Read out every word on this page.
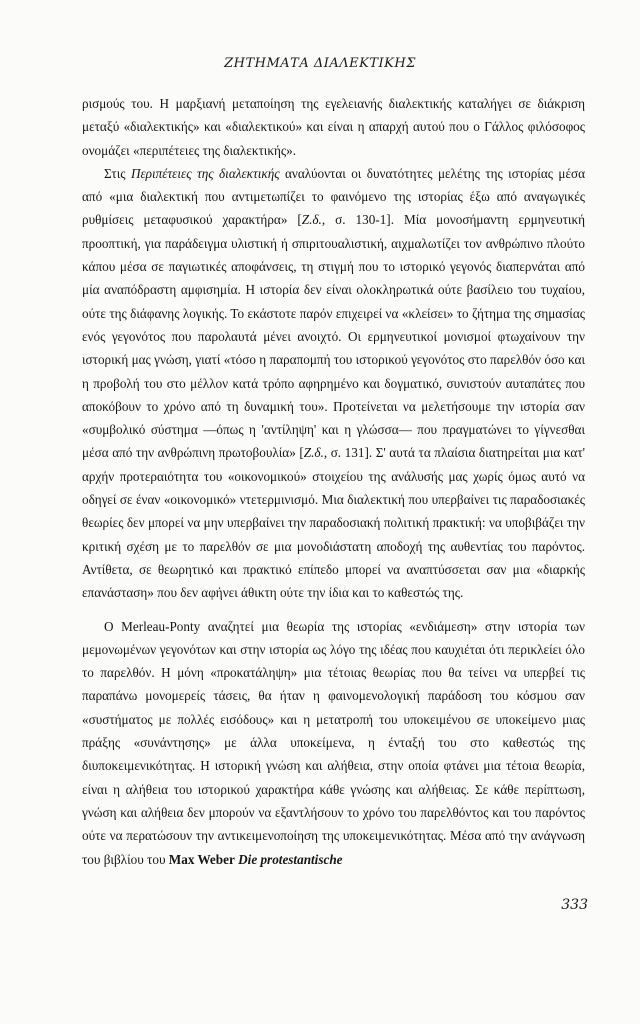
ΖΗΤΗΜΑΤΑ ΔΙΑΛΕΚΤΙΚΗΣ

ρισμούς του. Η μαρξιανή μεταποίηση της εγελειανής διαλεκτικής καταλήγει σε διάκριση μεταξύ «διαλεκτικής» και «διαλεκτικού» και είναι η απαρχή αυτού που ο Γάλλος φιλόσοφος ονομάζει «περιπέτειες της διαλεκτικής».

Στις Περιπέτειες της διαλεκτικής αναλύονται οι δυνατότητες μελέτης της ιστορίας μέσα από «μια διαλεκτική που αντιμετωπίζει το φαινόμενο της ιστορίας έξω από αναγωγικές ρυθμίσεις μεταφυσικού χαρακτήρα» [Ζ.δ., σ. 130-1]. Μία μονοσήμαντη ερμηνευτική προοπτική, για παράδειγμα υλιστική ή σπιριτουαλιστική, αιχμαλωτίζει τον ανθρώπινο πλούτο κάπου μέσα σε παγιωτικές αποφάνσεις, τη στιγμή που το ιστορικό γεγονός διαπερνάται από μία αναπόδραστη αμφισημία. Η ιστορία δεν είναι ολοκληρωτικά ούτε βασίλειο του τυχαίου, ούτε της διάφανης λογικής. Το εκάστοτε παρόν επιχειρεί να «κλείσει» το ζήτημα της σημασίας ενός γεγονότος που παρολαυτά μένει ανοιχτό. Οι ερμηνευτικοί μονισμοί φτωχαίνουν την ιστορική μας γνώση, γιατί «τόσο η παραπομπή του ιστορικού γεγονότος στο παρελθόν όσο και η προβολή του στο μέλλον κατά τρόπο αφηρημένο και δογματικό, συνιστούν αυταπάτες που αποκόβουν το χρόνο από τη δυναμική του». Προτείνεται να μελετήσουμε την ιστορία σαν «συμβολικό σύστημα —όπως η 'αντίληψη' και η γλώσσα— που πραγματώνει το γίγνεσθαι μέσα από την ανθρώπινη πρωτοβουλία» [Ζ.δ., σ. 131]. Σ' αυτά τα πλαίσια διατηρείται μια κατ' αρχήν προτεραιότητα του «οικονομικού» στοιχείου της ανάλυσής μας χωρίς όμως αυτό να οδηγεί σε έναν «οικονομικό» ντετερμινισμό. Μια διαλεκτική που υπερβαίνει τις παραδοσιακές θεωρίες δεν μπορεί να μην υπερβαίνει την παραδοσιακή πολιτική πρακτική: να υποβιβάζει την κριτική σχέση με το παρελθόν σε μια μονοδιάστατη αποδοχή της αυθεντίας του παρόντος. Αντίθετα, σε θεωρητικό και πρακτικό επίπεδο μπορεί να αναπτύσσεται σαν μια «διαρκής επανάσταση» που δεν αφήνει άθικτη ούτε την ίδια και το καθεστώς της.

Ο Merleau-Ponty αναζητεί μια θεωρία της ιστορίας «ενδιάμεση» στην ιστορία των μεμονωμένων γεγονότων και στην ιστορία ως λόγο της ιδέας που καυχιέται ότι περικλείει όλο το παρελθόν. Η μόνη «προκατάληψη» μια τέτοιας θεωρίας που θα τείνει να υπερβεί τις παραπάνω μονομερείς τάσεις, θα ήταν η φαινομενολογική παράδοση του κόσμου σαν «συστήματος με πολλές εισόδους» και η μετατροπή του υποκειμένου σε υποκείμενο μιας πράξης «συνάντησης» με άλλα υποκείμενα, η ένταξή του στο καθεστώς της διυποκειμενικότητας. Η ιστορική γνώση και αλήθεια, στην οποία φτάνει μια τέτοια θεωρία, είναι η αλήθεια του ιστορικού χαρακτήρα κάθε γνώσης και αλήθειας. Σε κάθε περίπτωση, γνώση και αλήθεια δεν μπορούν να εξαντλήσουν το χρόνο του παρελθόντος και του παρόντος ούτε να περατώσουν την αντικειμενοποίηση της υποκειμενικότητας. Μέσα από την ανάγνωση του βιβλίου του Max Weber Die protestantische

333
